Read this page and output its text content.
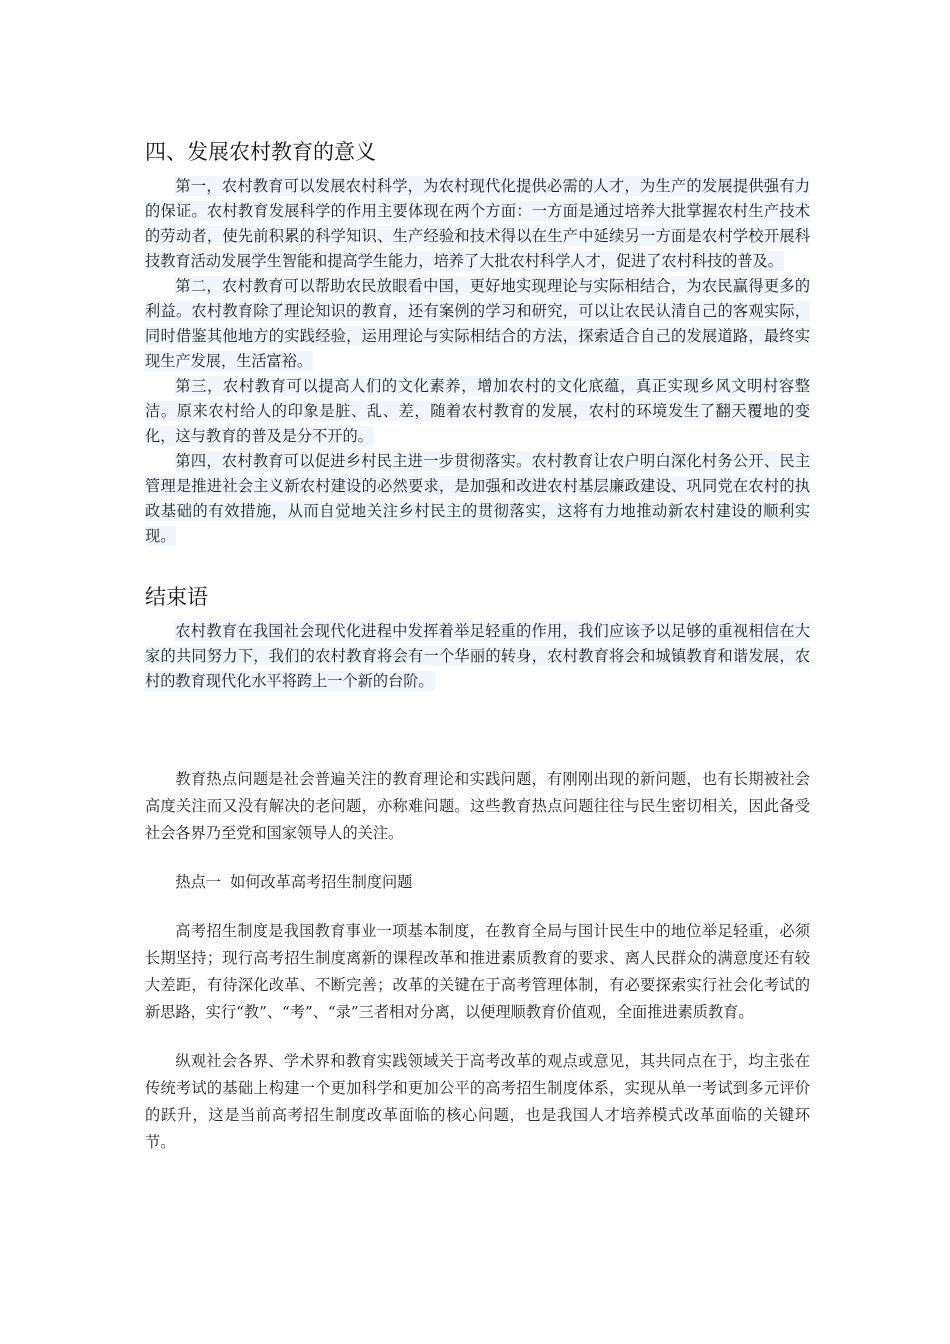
四、发展农村教育的意义

第一，农村教育可以发展农村科学，为农村现代化提供必需的人才，为生产的发展提供强有力的保证。农村教育发展科学的作用主要体现在两个方面：一方面是通过培养大批掌握农村生产技术的劳动者，使先前积累的科学知识、生产经验和技术得以在生产中延续另一方面是农村学校开展科技教育活动发展学生智能和提高学生能力，培养了大批农村科学人才，促进了农村科技的普及。

第二，农村教育可以帮助农民放眼看中国，更好地实现理论与实际相结合，为农民赢得更多的利益。农村教育除了理论知识的教育，还有案例的学习和研究，可以让农民认清自己的客观实际，同时借鉴其他地方的实践经验，运用理论与实际相结合的方法，探索适合自己的发展道路，最终实现生产发展，生活富裕。

第三，农村教育可以提高人们的文化素养，增加农村的文化底蕴，真正实现乡风文明村容整洁。原来农村给人的印象是脏、乱、差，随着农村教育的发展，农村的环境发生了翻天覆地的变化，这与教育的普及是分不开的。

第四，农村教育可以促进乡村民主进一步贯彻落实。农村教育让农户明白深化村务公开、民主管理是推进社会主义新农村建设的必然要求，是加强和改进农村基层廉政建设、巩同党在农村的执政基础的有效措施，从而自觉地关注乡村民主的贯彻落实，这将有力地推动新农村建设的顺利实现。

结束语

农村教育在我国社会现代化进程中发挥着举足轻重的作用，我们应该予以足够的重视相信在大家的共同努力下，我们的农村教育将会有一个华丽的转身，农村教育将会和城镇教育和谐发展，农村的教育现代化水平将跨上一个新的台阶。

教育热点问题是社会普遍关注的教育理论和实践问题，有刚刚出现的新问题，也有长期被社会高度关注而又没有解决的老问题，亦称难问题。这些教育热点问题往往与民生密切相关，因此备受社会各界乃至党和国家领导人的关注。

热点一 如何改革高考招生制度问题

高考招生制度是我国教育事业一项基本制度，在教育全局与国计民生中的地位举足轻重，必须长期坚持；现行高考招生制度离新的课程改革和推进素质教育的要求、离人民群众的满意度还有较大差距，有待深化改革、不断完善；改革的关键在于高考管理体制，有必要探索实行社会化考试的新思路，实行“教”、“考”、“录”三者相对分离，以便理顺教育价值观，全面推进素质教育。

纵观社会各界、学术界和教育实践领域关于高考改革的观点或意见，其共同点在于，均主张在传统考试的基础上构建一个更加科学和更加公平的高考招生制度体系，实现从单一考试到多元评价的跃升，这是当前高考招生制度改革面临的核心问题，也是我国人才培养模式改革面临的关键环节。
